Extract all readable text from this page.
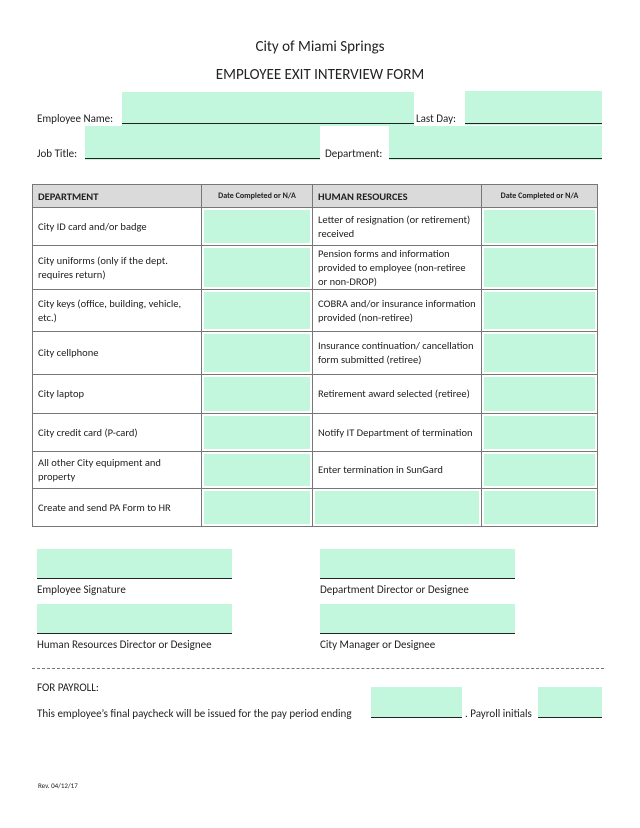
City of Miami Springs
EMPLOYEE EXIT INTERVIEW FORM
Employee Name:	Last Day:
Job Title:	Department:
DEPARTMENT	Date Completed or N/A	HUMAN RESOURCES	Date Completed or N/A
City ID card and/or badge		Letter of resignation (or retirement) received	
City uniforms (only if the dept. requires return)		Pension forms and information provided to employee (non-retiree or non-DROP)	
City keys (office, building, vehicle, etc.)		COBRA and/or insurance information provided (non-retiree)	
City cellphone		Insurance continuation/ cancellation form submitted (retiree)	
City laptop		Retirement award selected (retiree)	
City credit card (P-card)		Notify IT Department of termination	
All other City equipment and property		Enter termination in SunGard	
Create and send PA Form to HR			
Employee Signature	Department Director or Designee
Human Resources Director or Designee	City Manager or Designee
FOR PAYROLL:
This employee’s final paycheck will be issued for the pay period ending	. Payroll initials
Rev. 04/12/17
